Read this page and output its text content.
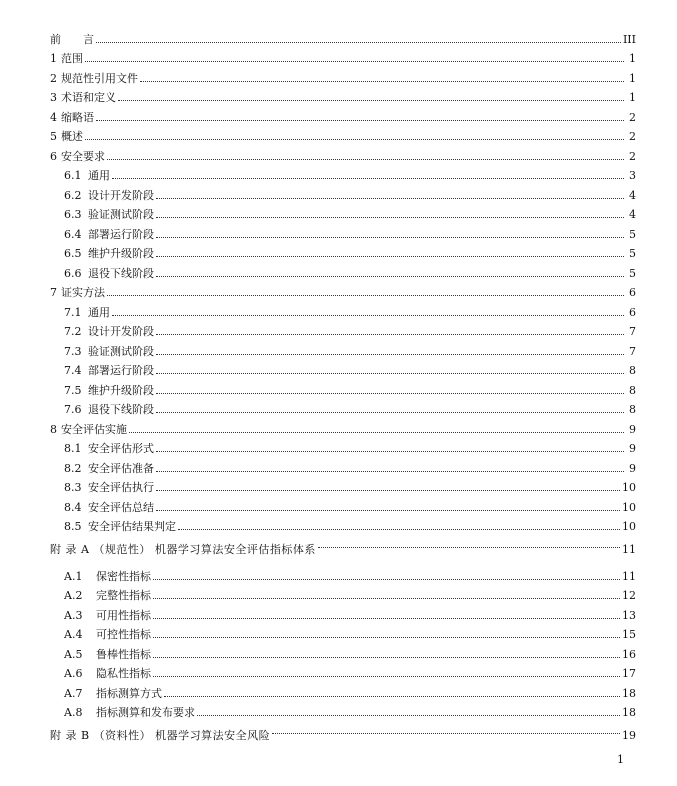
前　　言	III
1 范围	1
2 规范性引用文件	1
3 术语和定义	1
4 缩略语	2
5 概述	2
6 安全要求	2
6.1 通用	3
6.2 设计开发阶段	4
6.3 验证测试阶段	4
6.4 部署运行阶段	5
6.5 维护升级阶段	5
6.6 退役下线阶段	5
7 证实方法	6
7.1 通用	6
7.2 设计开发阶段	7
7.3 验证测试阶段	7
7.4 部署运行阶段	8
7.5 维护升级阶段	8
7.6 退役下线阶段	8
8 安全评估实施	9
8.1 安全评估形式	9
8.2 安全评估准备	9
8.3 安全评估执行	10
8.4 安全评估总结	10
8.5 安全评估结果判定	10
附 录 A （规范性） 机器学习算法安全评估指标体系	11
A.1 保密性指标	11
A.2 完整性指标	12
A.3 可用性指标	13
A.4 可控性指标	15
A.5 鲁棒性指标	16
A.6 隐私性指标	17
A.7 指标测算方式	18
A.8 指标测算和发布要求	18
附 录 B （资料性） 机器学习算法安全风险	19
1
